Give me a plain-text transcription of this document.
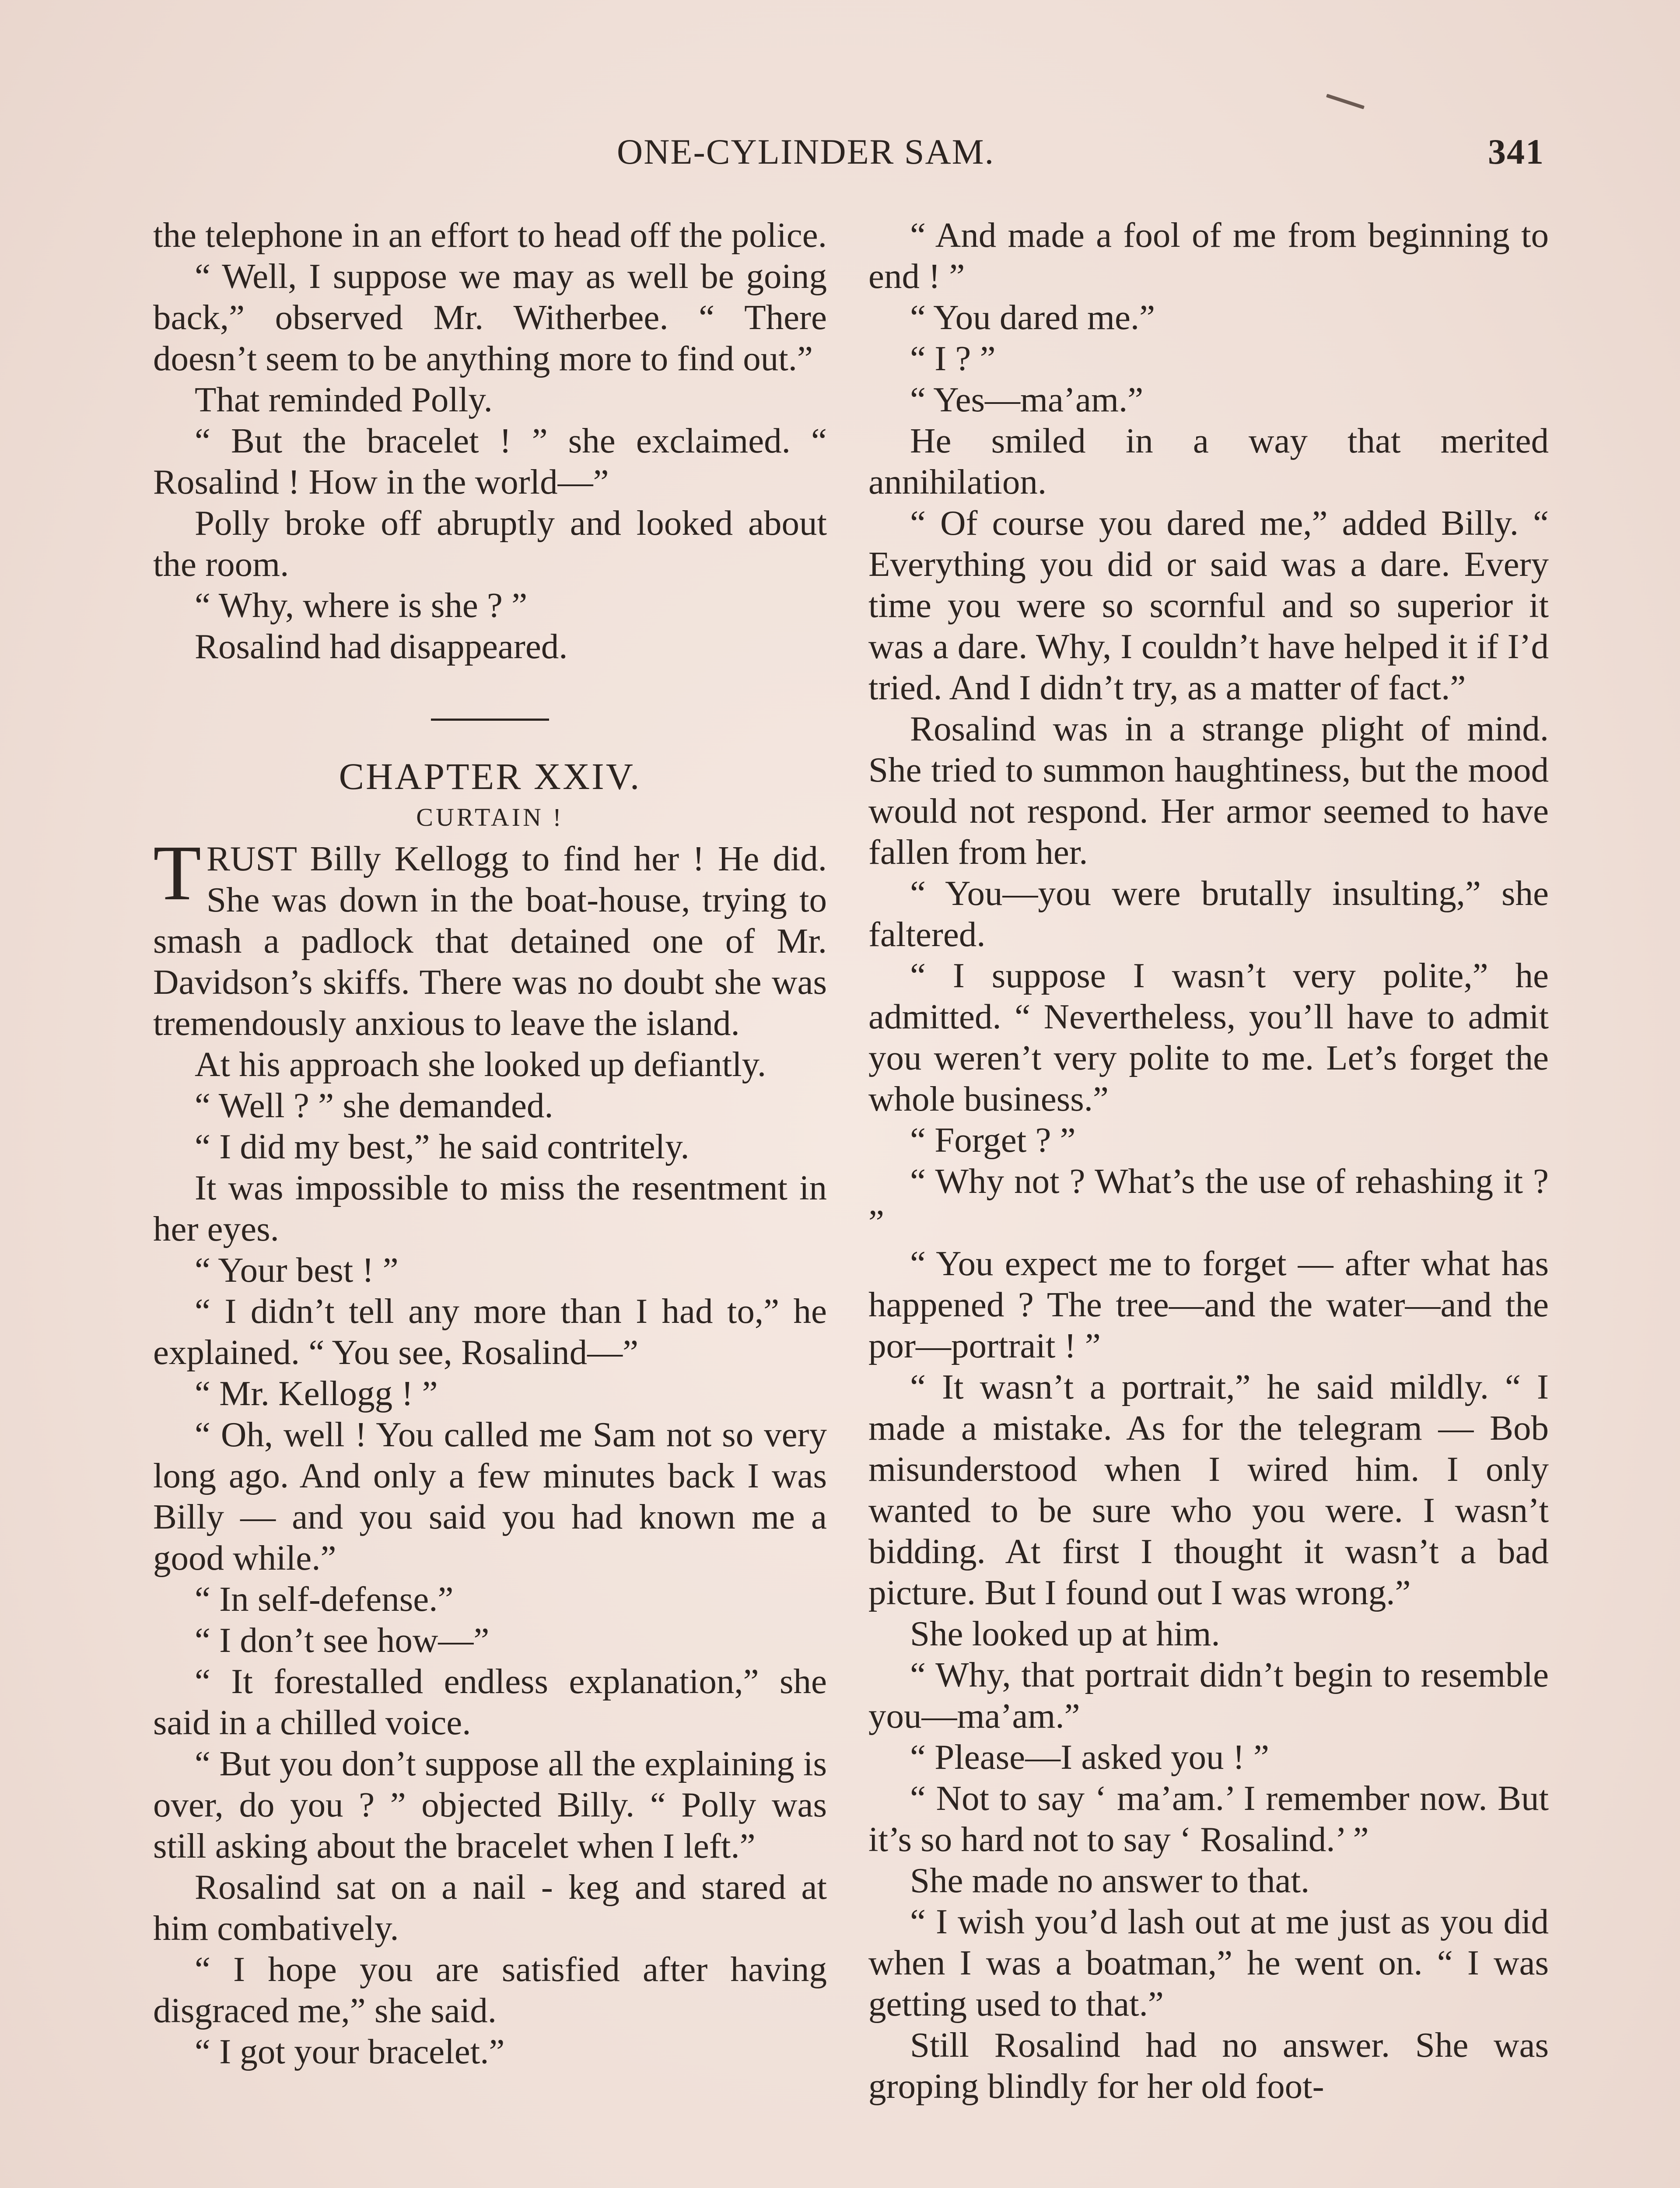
ONE-CYLINDER SAM.	341

the telephone in an effort to head off the police.

“ Well, I suppose we may as well be going back,” observed Mr. Witherbee. “ There doesn’t seem to be anything more to find out.”

That reminded Polly.

“ But the bracelet ! ” she exclaimed. “ Rosalind ! How in the world—”

Polly broke off abruptly and looked about the room.

“ Why, where is she ? ”

Rosalind had disappeared.

CHAPTER XXIV.

CURTAIN !

TRUST Billy Kellogg to find her ! He did. She was down in the boat-house, trying to smash a padlock that detained one of Mr. Davidson’s skiffs. There was no doubt she was tremendously anxious to leave the island.

At his approach she looked up defiantly.

“ Well ? ” she demanded.

“ I did my best,” he said contritely.

It was impossible to miss the resentment in her eyes.

“ Your best ! ”

“ I didn’t tell any more than I had to,” he explained. “ You see, Rosalind—”

“ Mr. Kellogg ! ”

“ Oh, well ! You called me Sam not so very long ago. And only a few minutes back I was Billy — and you said you had known me a good while.”

“ In self-defense.”

“ I don’t see how—”

“ It forestalled endless explanation,” she said in a chilled voice.

“ But you don’t suppose all the explaining is over, do you ? ” objected Billy. “ Polly was still asking about the bracelet when I left.”

Rosalind sat on a nail - keg and stared at him combatively.

“ I hope you are satisfied after having disgraced me,” she said.

“ I got your bracelet.”

“ And made a fool of me from beginning to end ! ”

“ You dared me.”

“ I ? ”

“ Yes—ma’am.”

He smiled in a way that merited annihilation.

“ Of course you dared me,” added Billy. “ Everything you did or said was a dare. Every time you were so scornful and so superior it was a dare. Why, I couldn’t have helped it if I’d tried. And I didn’t try, as a matter of fact.”

Rosalind was in a strange plight of mind. She tried to summon haughtiness, but the mood would not respond. Her armor seemed to have fallen from her.

“ You—you were brutally insulting,” she faltered.

“ I suppose I wasn’t very polite,” he admitted. “ Nevertheless, you’ll have to admit you weren’t very polite to me. Let’s forget the whole business.”

“ Forget ? ”

“ Why not ? What’s the use of rehashing it ? ”

“ You expect me to forget — after what has happened ? The tree—and the water—and the por—portrait ! ”

“ It wasn’t a portrait,” he said mildly. “ I made a mistake. As for the telegram — Bob misunderstood when I wired him. I only wanted to be sure who you were. I wasn’t bidding. At first I thought it wasn’t a bad picture. But I found out I was wrong.”

She looked up at him.

“ Why, that portrait didn’t begin to resemble you—ma’am.”

“ Please—I asked you ! ”

“ Not to say ‘ ma’am.’ I remember now. But it’s so hard not to say ‘ Rosalind.’ ”

She made no answer to that.

“ I wish you’d lash out at me just as you did when I was a boatman,” he went on. “ I was getting used to that.”

Still Rosalind had no answer. She was groping blindly for her old foot-
